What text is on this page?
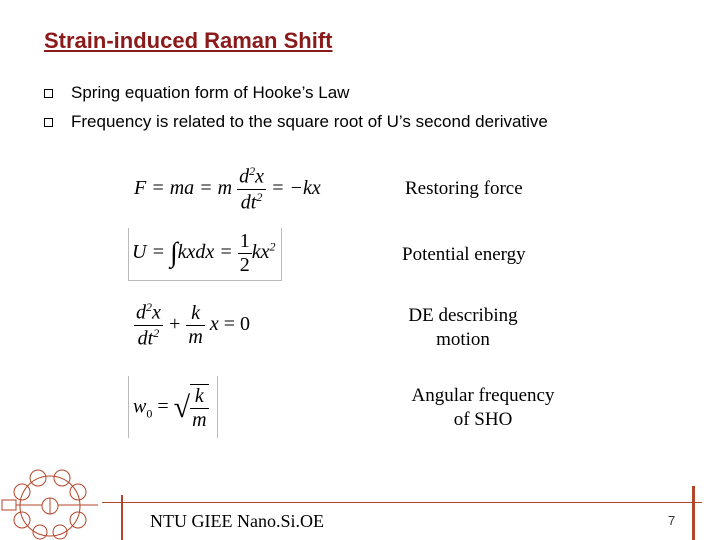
Strain-induced Raman Shift
Spring equation form of Hooke’s Law
Frequency is related to the square root of U’s second derivative
F = ma = m $\frac{d^2x}{dt^2} = -kx$	Restoring force
U = ∫kxdx = $\frac{1}{2} kx^2$	Potential energy
$\frac{d^2x}{dt^2} + \frac{k}{m}$ x = 0	DE describing
motion
$w_0$ = √ $\frac{k}{m}$	Angular frequency
of SHO
NTU GIEE Nano.Si.OE	7
